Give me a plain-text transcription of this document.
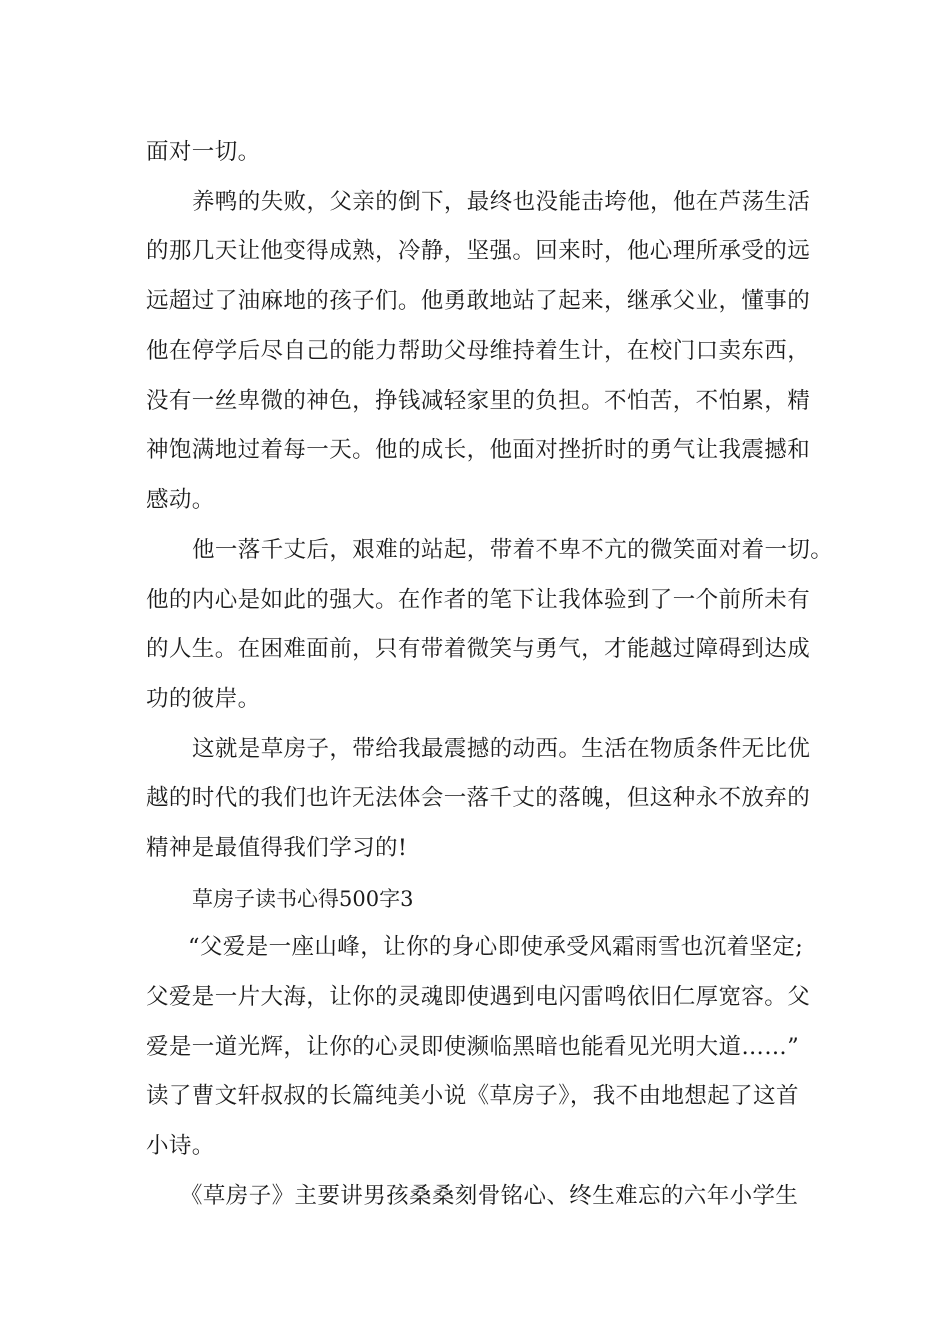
面对一切。
养鸭的失败，父亲的倒下，最终也没能击垮他，他在芦荡生活
的那几天让他变得成熟，冷静，坚强。回来时，他心理所承受的远
远超过了油麻地的孩子们。他勇敢地站了起来，继承父业，懂事的
他在停学后尽自己的能力帮助父母维持着生计，在校门口卖东西，
没有一丝卑微的神色，挣钱减轻家里的负担。不怕苦，不怕累，精
神饱满地过着每一天。他的成长，他面对挫折时的勇气让我震撼和
感动。
他一落千丈后，艰难的站起，带着不卑不亢的微笑面对着一切。
他的内心是如此的强大。在作者的笔下让我体验到了一个前所未有
的人生。在困难面前，只有带着微笑与勇气，才能越过障碍到达成
功的彼岸。
这就是草房子，带给我最震撼的动西。生活在物质条件无比优
越的时代的我们也许无法体会一落千丈的落魄，但这种永不放弃的
精神是最值得我们学习的!
草房子读书心得500字3
“父爱是一座山峰，让你的身心即使承受风霜雨雪也沉着坚定;
父爱是一片大海，让你的灵魂即使遇到电闪雷鸣依旧仁厚宽容。父
爱是一道光辉，让你的心灵即使濒临黑暗也能看见光明大道……”
读了曹文轩叔叔的长篇纯美小说《草房子》，我不由地想起了这首
小诗。
《草房子》主要讲男孩桑桑刻骨铭心、终生难忘的六年小学生
